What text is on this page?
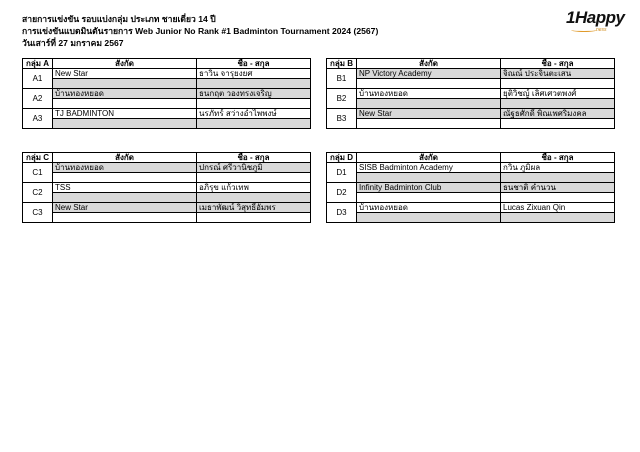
สายการแข่งขัน รอบแบ่งกลุ่ม ประเภท ชายเดี่ยว 14 ปี
การแข่งขันแบดมินตันรายการ Web Junior No Rank #1 Badminton Tournament 2024 (2567)
วันเสาร์ที่ 27 มกราคม 2567
1Happy
ness
กลุ่ม A	สังกัด	ชื่อ - สกุล
A1	New Star	ธาวิน จารุยงยศ

A2	บ้านทองหยอด	ธนกฤต วองทรงเจริญ

A3	TJ BADMINTON	นรภัทร์ สว่างอำไพพงษ์

กลุ่ม B	สังกัด	ชื่อ - สกุล
B1	NP Victory Academy	จิณณ์ ประจินตะเสน

B2	บ้านทองหยอด	ยุติวิชญ์ เลิศเศวตพงศ์

B3	New Star	ณัฐธศักดิ์ พิณเพศริมงคล

กลุ่ม C	สังกัด	ชื่อ - สกุล
C1	บ้านทองหยอด	ปกรณ์ ศรีวานิชภูมิ

C2	TSS	อภิรุข แก้วเทพ

C3	New Star	เมธาพัฒน์ วิสุทธิ์อัมพร

กลุ่ม D	สังกัด	ชื่อ - สกุล
D1	SISB Badminton Academy	กวิน ภูมิผล

D2	Infinity Badminton Club	ธนชาติ คำนวน

D3	บ้านทองหยอด	Lucas Zixuan Qin
